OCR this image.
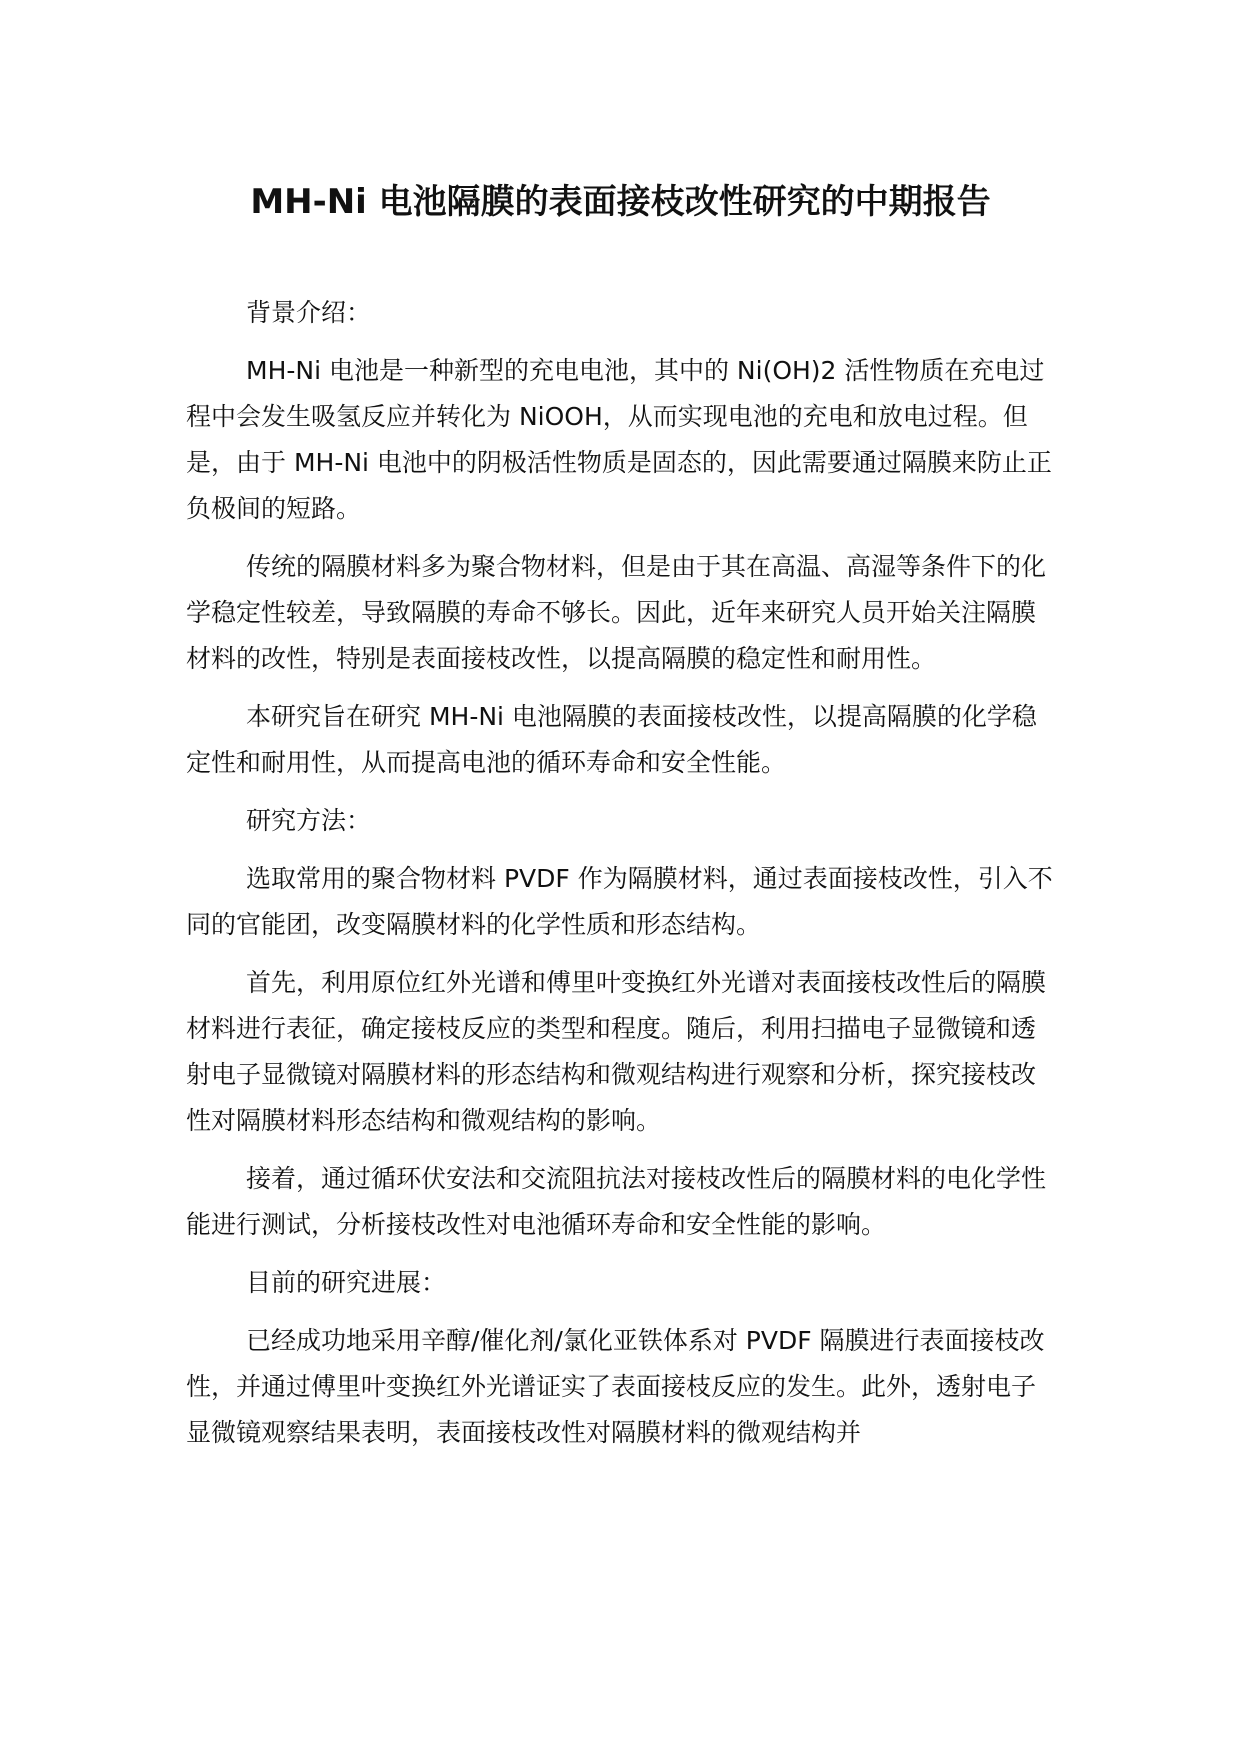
MH-Ni 电池隔膜的表面接枝改性研究的中期报告

背景介绍：

MH-Ni 电池是一种新型的充电电池，其中的 Ni(OH)2 活性物质在充电过程中会发生吸氢反应并转化为 NiOOH，从而实现电池的充电和放电过程。但是，由于 MH-Ni 电池中的阴极活性物质是固态的，因此需要通过隔膜来防止正负极间的短路。

传统的隔膜材料多为聚合物材料，但是由于其在高温、高湿等条件下的化学稳定性较差，导致隔膜的寿命不够长。因此，近年来研究人员开始关注隔膜材料的改性，特别是表面接枝改性，以提高隔膜的稳定性和耐用性。

本研究旨在研究 MH-Ni 电池隔膜的表面接枝改性，以提高隔膜的化学稳定性和耐用性，从而提高电池的循环寿命和安全性能。

研究方法：

选取常用的聚合物材料 PVDF 作为隔膜材料，通过表面接枝改性，引入不同的官能团，改变隔膜材料的化学性质和形态结构。

首先，利用原位红外光谱和傅里叶变换红外光谱对表面接枝改性后的隔膜材料进行表征，确定接枝反应的类型和程度。随后，利用扫描电子显微镜和透射电子显微镜对隔膜材料的形态结构和微观结构进行观察和分析，探究接枝改性对隔膜材料形态结构和微观结构的影响。

接着，通过循环伏安法和交流阻抗法对接枝改性后的隔膜材料的电化学性能进行测试，分析接枝改性对电池循环寿命和安全性能的影响。

目前的研究进展：

已经成功地采用辛醇/催化剂/氯化亚铁体系对 PVDF 隔膜进行表面接枝改性，并通过傅里叶变换红外光谱证实了表面接枝反应的发生。此外，透射电子显微镜观察结果表明，表面接枝改性对隔膜材料的微观结构并
